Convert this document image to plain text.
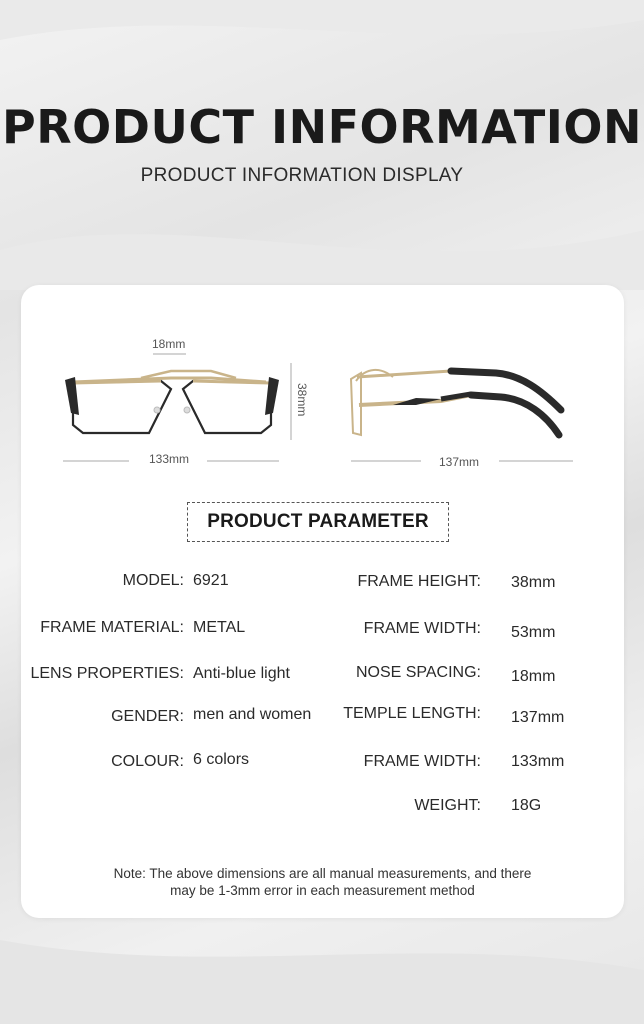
PRODUCT INFORMATION
PRODUCT INFORMATION DISPLAY
18mm
38mm
133mm	137mm
PRODUCT PARAMETER
MODEL: 6921
FRAME MATERIAL: METAL
LENS PROPERTIES: Anti-blue light
GENDER: men and women
COLOUR: 6 colors
FRAME HEIGHT: 38mm
FRAME WIDTH: 53mm
NOSE SPACING: 18mm
TEMPLE LENGTH: 137mm
FRAME WIDTH: 133mm
WEIGHT: 18G
Note: The above dimensions are all manual measurements, and there
may be 1-3mm error in each measurement method
